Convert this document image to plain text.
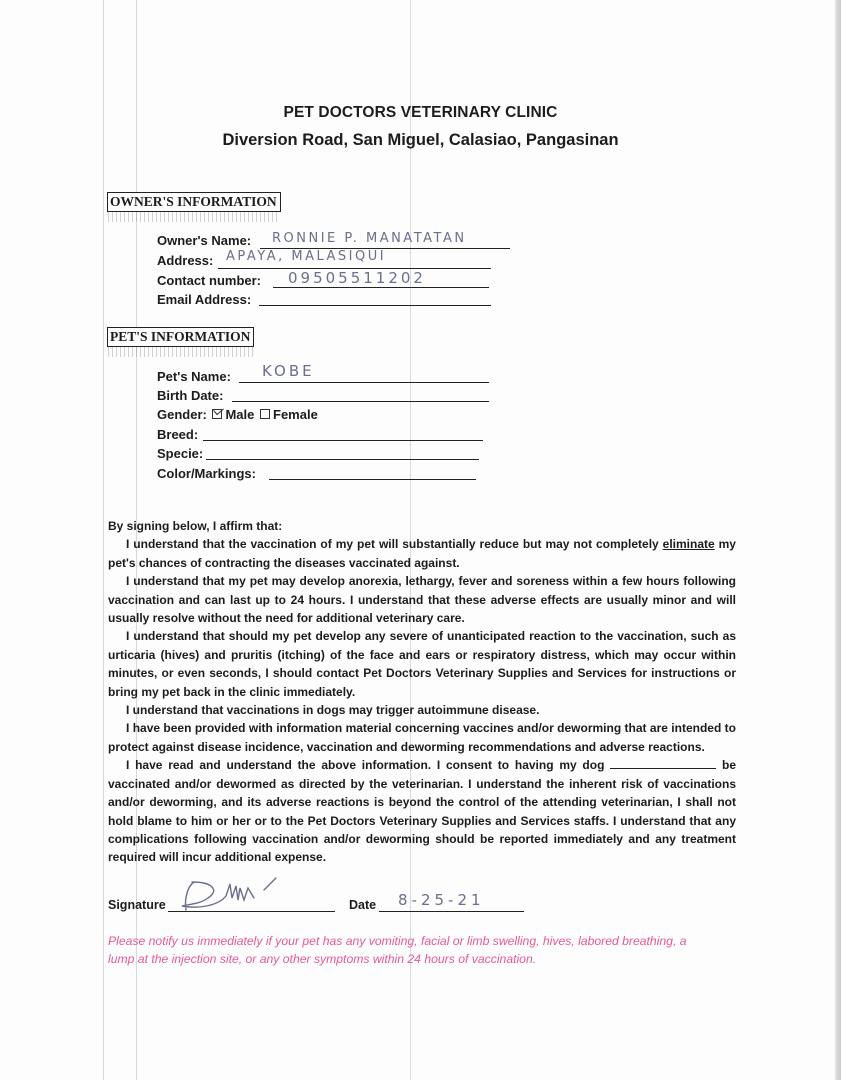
PET DOCTORS VETERINARY CLINIC
Diversion Road, San Miguel, Calasiao, Pangasinan
OWNER'S INFORMATION
Owner's Name: RONNIE P. MANATATAN
Address: APAYA, MALASIQUI
Contact number: 09505511202
Email Address:
PET'S INFORMATION
Pet's Name: KOBE
Birth Date:
Gender: Male Female
Breed:
Specie:
Color/Markings:

By signing below, I affirm that:

I understand that the vaccination of my pet will substantially reduce but may not completely eliminate my pet's chances of contracting the diseases vaccinated against.

I understand that my pet may develop anorexia, lethargy, fever and soreness within a few hours following vaccination and can last up to 24 hours. I understand that these adverse effects are usually minor and will usually resolve without the need for additional veterinary care.

I understand that should my pet develop any severe of unanticipated reaction to the vaccination, such as urticaria (hives) and pruritis (itching) of the face and ears or respiratory distress, which may occur within minutes, or even seconds, I should contact Pet Doctors Veterinary Supplies and Services for instructions or bring my pet back in the clinic immediately.

I understand that vaccinations in dogs may trigger autoimmune disease.

I have been provided with information material concerning vaccines and/or deworming that are intended to protect against disease incidence, vaccination and deworming recommendations and adverse reactions.

I have read and understand the above information. I consent to having my dog	be vaccinated and/or dewormed as directed by the veterinarian. I understand the inherent risk of vaccinations and/or deworming, and its adverse reactions is beyond the control of the attending veterinarian, I shall not hold blame to him or her or to the Pet Doctors Veterinary Supplies and Services staffs. I understand that any complications following vaccination and/or deworming should be reported immediately and any treatment required will incur additional expense.

Signature	Date 8-25-21
Please notify us immediately if your pet has any vomiting, facial or limb swelling, hives, labored breathing, a lump at the injection site, or any other symptoms within 24 hours of vaccination.
